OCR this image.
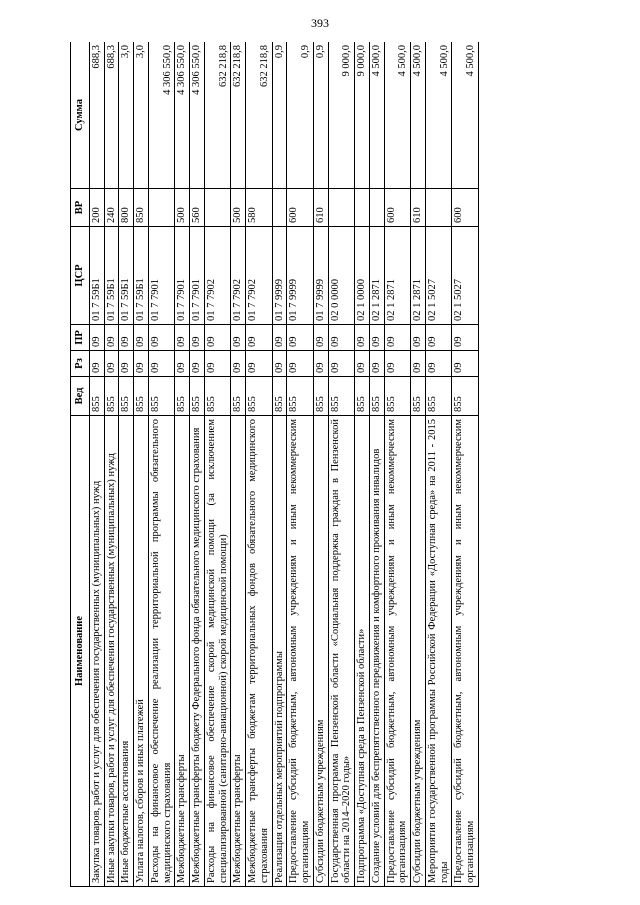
393
Наименование	Вед	Рз	ПР	ЦСР	ВР	Сумма
Закупка товаров, работ и услуг для обеспечения государственных (муниципальных) нужд	855	09	09	01 7 59Б1	200	688,3
Иные закупки товаров, работ и услуг для обеспечения государственных (муниципальных) нужд	855	09	09	01 7 59Б1	240	688,3
Иные бюджетные ассигнования	855	09	09	01 7 59Б1	800	3,0
Уплата налогов, сборов и иных платежей	855	09	09	01 7 59Б1	850	3,0
Расходы на финансовое обеспечение реализации территориальной программы обязательного медицинского страхования	855	09	09	01 7 7901		4 306 550,0
Межбюджетные трансферты	855	09	09	01 7 7901	500	4 306 550,0
Межбюджетные трансферты бюджету Федерального фонда обязательного медицинского страхования	855	09	09	01 7 7901	560	4 306 550,0
Расходы на финансовое обеспечение скорой медицинской помощи (за исключением специализированной (санитарно-авиационной) скорой медицинской помощи)	855	09	09	01 7 7902		632 218,8
Межбюджетные трансферты	855	09	09	01 7 7902	500	632 218,8
Межбюджетные трансферты бюджетам территориальных фондов обязательного медицинского страхования	855	09	09	01 7 7902	580	632 218,8
Реализация отдельных мероприятий подпрограммы	855	09	09	01 7 9999		0,9
Предоставление субсидий бюджетным, автономным учреждениям и иным некоммерческим организациям	855	09	09	01 7 9999	600	0,9
Субсидии бюджетным учреждениям	855	09	09	01 7 9999	610	0,9
Государственная программа Пензенской области «Социальная поддержка граждан в Пензенской области на 2014–2020 годы»	855	09	09	02 0 0000		9 000,0
Подпрограмма «Доступная среда в Пензенской области»	855	09	09	02 1 0000		9 000,0
Создание условий для беспрепятственного передвижения и комфортного проживания инвалидов	855	09	09	02 1 2871		4 500,0
Предоставление субсидий бюджетным, автономным учреждениям и иным некоммерческим организациям	855	09	09	02 1 2871	600	4 500,0
Субсидии бюджетным учреждениям	855	09	09	02 1 2871	610	4 500,0
Мероприятия государственной программы Российской Федерации «Доступная среда» на 2011 - 2015 годы	855	09	09	02 1 5027		4 500,0
Предоставление субсидий бюджетным, автономным учреждениям и иным некоммерческим организациям	855	09	09	02 1 5027	600	4 500,0
